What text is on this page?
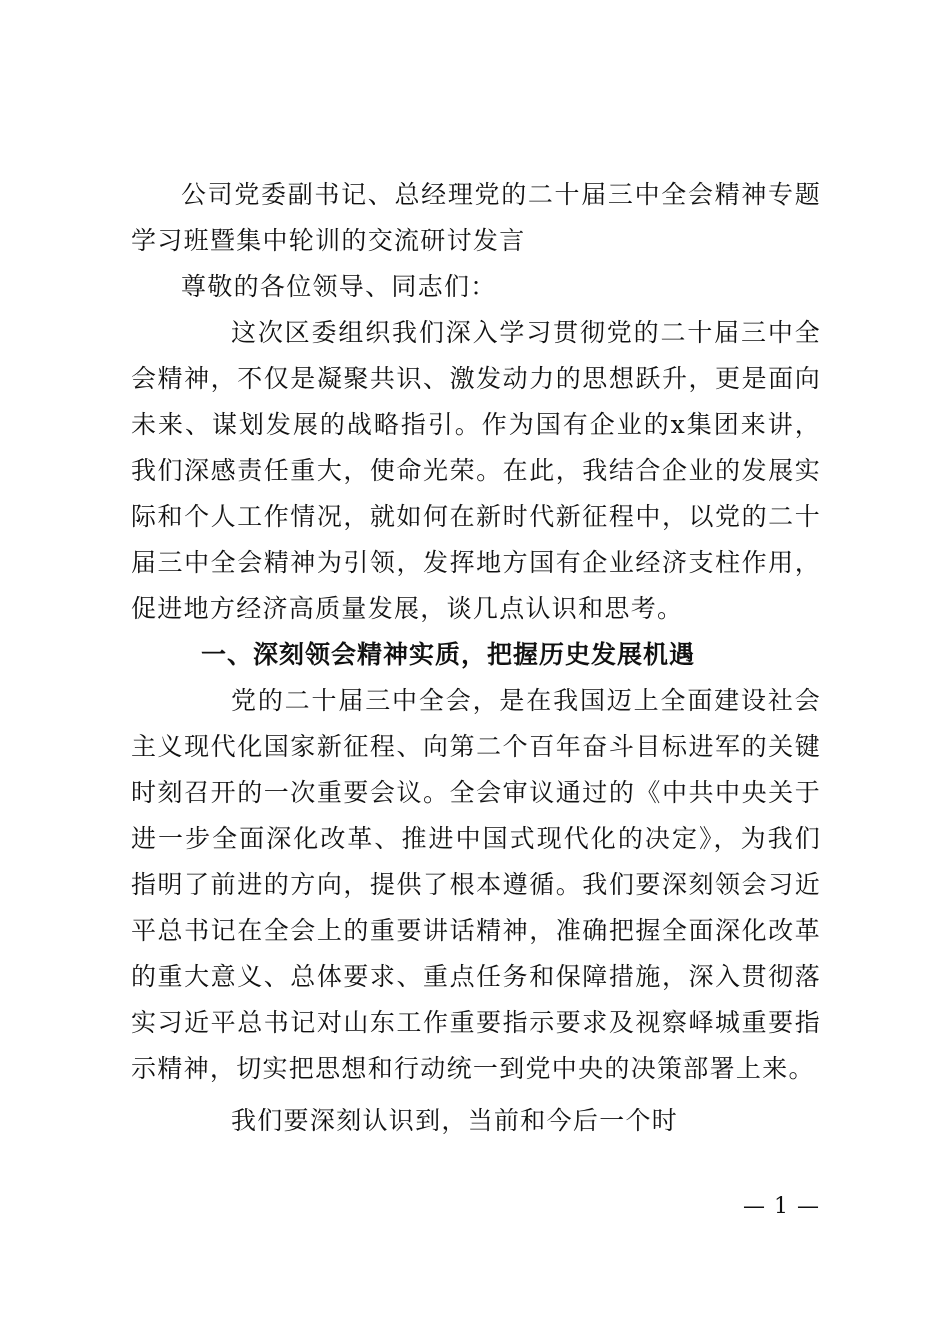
公司党委副书记、总经理党的二十届三中全会精神专题学习班暨集中轮训的交流研讨发言
尊敬的各位领导、同志们：
这次区委组织我们深入学习贯彻党的二十届三中全会精神，不仅是凝聚共识、激发动力的思想跃升，更是面向未来、谋划发展的战略指引。作为国有企业的x集团来讲，我们深感责任重大，使命光荣。在此，我结合企业的发展实际和个人工作情况，就如何在新时代新征程中，以党的二十届三中全会精神为引领，发挥地方国有企业经济支柱作用，促进地方经济高质量发展，谈几点认识和思考。
一、深刻领会精神实质，把握历史发展机遇
党的二十届三中全会，是在我国迈上全面建设社会主义现代化国家新征程、向第二个百年奋斗目标进军的关键时刻召开的一次重要会议。全会审议通过的《中共中央关于进一步全面深化改革、推进中国式现代化的决定》，为我们指明了前进的方向，提供了根本遵循。我们要深刻领会习近平总书记在全会上的重要讲话精神，准确把握全面深化改革的重大意义、总体要求、重点任务和保障措施，深入贯彻落实习近平总书记对山东工作重要指示要求及视察峄城重要指示精神，切实把思想和行动统一到党中央的决策部署上来。
我们要深刻认识到，当前和今后一个时
— 1 —
